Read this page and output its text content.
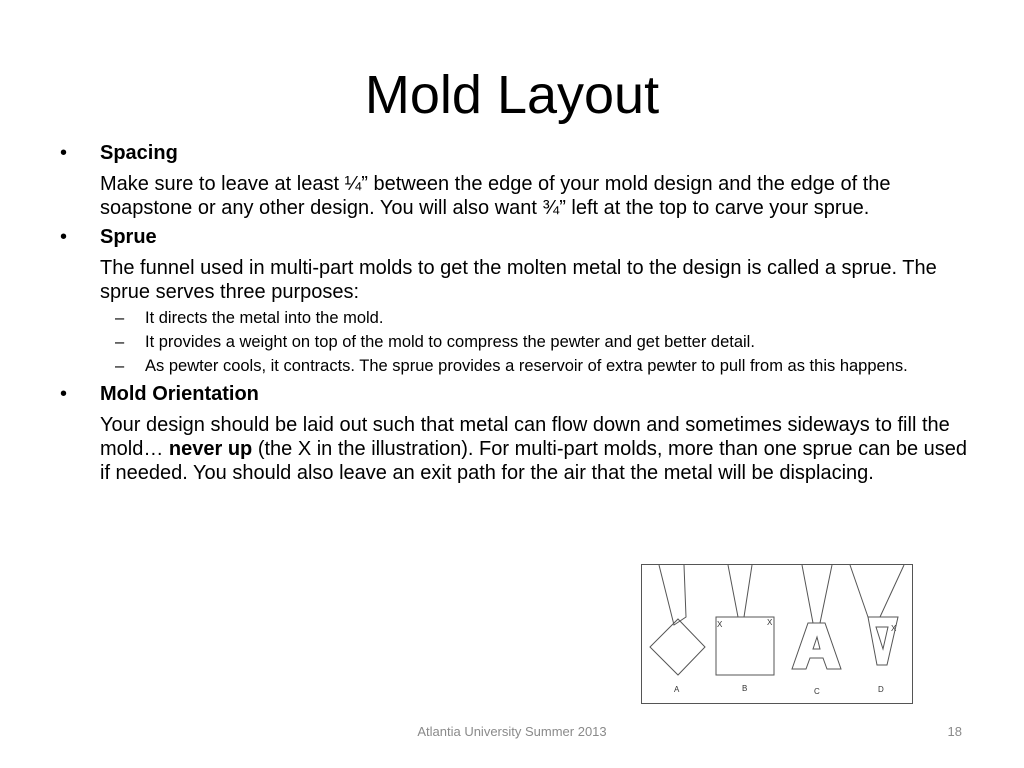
Mold Layout
• Spacing

Make sure to leave at least ¼” between the edge of your mold design and the edge of the soapstone or any other design. You will also want ¾” left at the top to carve your sprue.

• Sprue

The funnel used in multi-part molds to get the molten metal to the design is called a sprue. The sprue serves three purposes:

– It directs the metal into the mold.
– It provides a weight on top of the mold to compress the pewter and get better detail.
– As pewter cools, it contracts. The sprue provides a reservoir of extra pewter to pull from as this happens.
• Mold Orientation

Your design should be laid out such that metal can flow down and sometimes sideways to fill the mold… never up (the X in the illustration). For multi-part molds, more than one sprue can be used if needed. You should also leave an exit path for the air that the metal will be displacing.

X	X
X
A	B	C	D
Atlantia University Summer 2013	18
